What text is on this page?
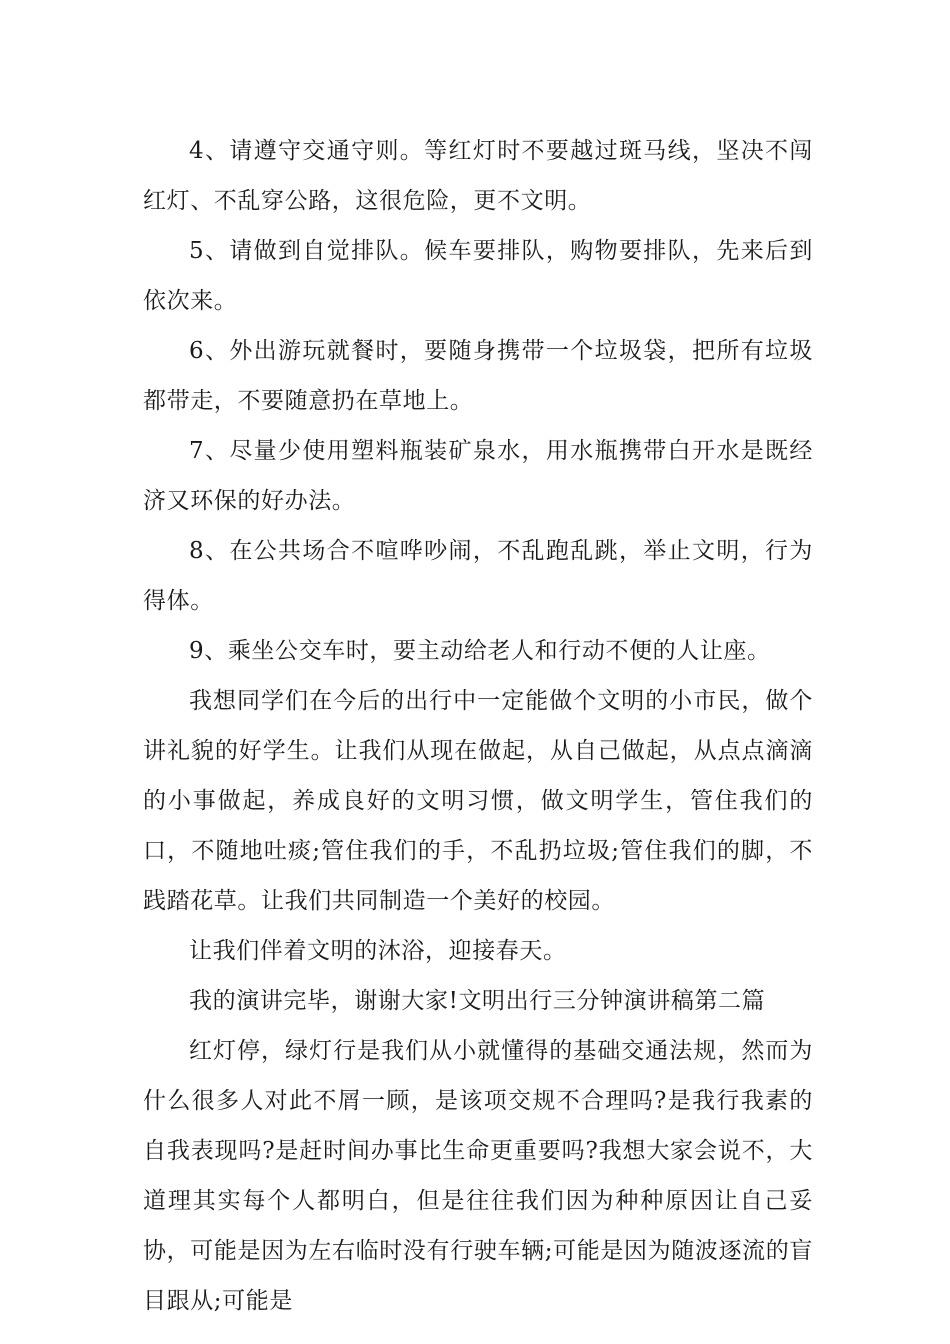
4、请遵守交通守则。等红灯时不要越过斑马线，坚决不闯红灯、不乱穿公路，这很危险，更不文明。

5、请做到自觉排队。候车要排队，购物要排队，先来后到依次来。

6、外出游玩就餐时，要随身携带一个垃圾袋，把所有垃圾都带走，不要随意扔在草地上。

7、尽量少使用塑料瓶装矿泉水，用水瓶携带白开水是既经济又环保的好办法。

8、在公共场合不喧哗吵闹，不乱跑乱跳，举止文明，行为得体。

9、乘坐公交车时，要主动给老人和行动不便的人让座。

我想同学们在今后的出行中一定能做个文明的小市民，做个讲礼貌的好学生。让我们从现在做起，从自己做起，从点点滴滴的小事做起，养成良好的文明习惯，做文明学生，管住我们的口，不随地吐痰;管住我们的手，不乱扔垃圾;管住我们的脚，不践踏花草。让我们共同制造一个美好的校园。

让我们伴着文明的沐浴，迎接春天。

我的演讲完毕，谢谢大家!文明出行三分钟演讲稿第二篇

红灯停，绿灯行是我们从小就懂得的基础交通法规，然而为什么很多人对此不屑一顾，是该项交规不合理吗?是我行我素的自我表现吗?是赶时间办事比生命更重要吗?我想大家会说不，大道理其实每个人都明白，但是往往我们因为种种原因让自己妥协，可能是因为左右临时没有行驶车辆;可能是因为随波逐流的盲目跟从;可能是
